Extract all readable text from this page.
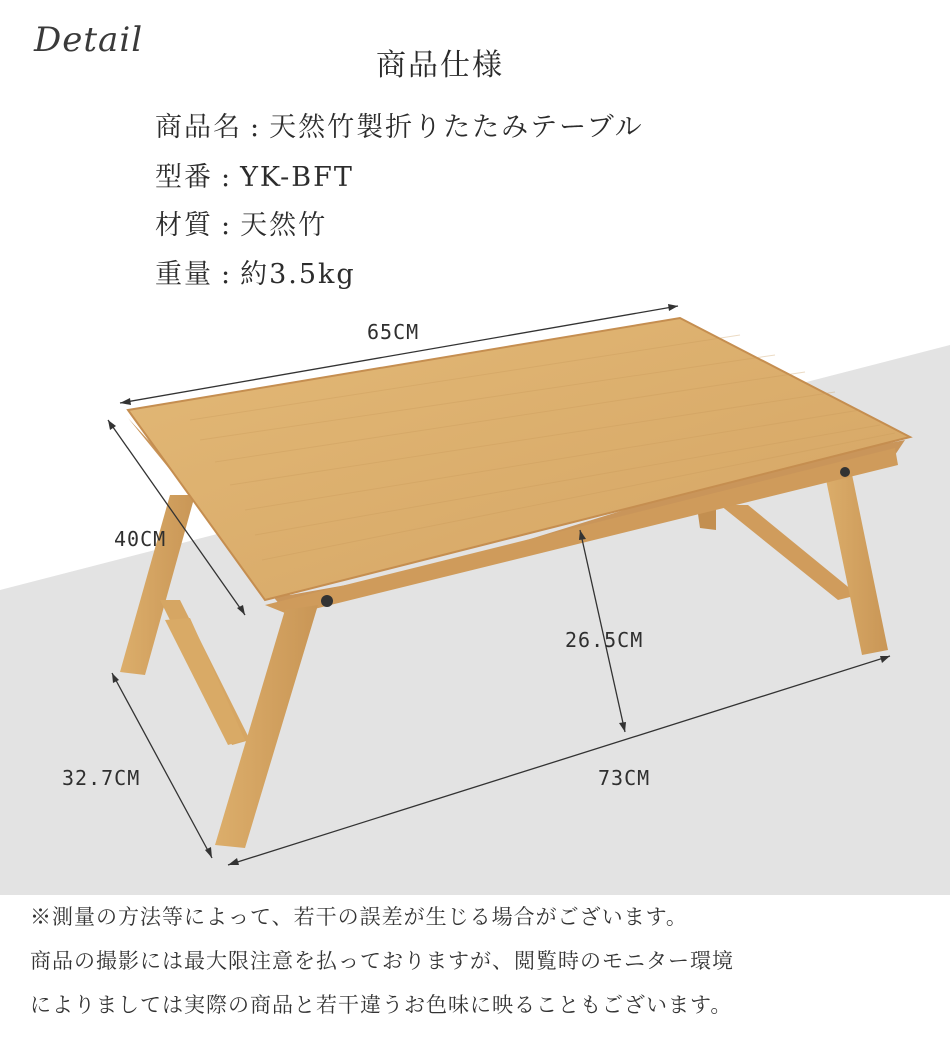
Detail
商品仕様
商品名 : 天然竹製折りたたみテーブル
型番 : YK-BFT
材質 : 天然竹
重量 : 約3.5kg
65CM
40CM
26.5CM
32.7CM	73CM
※測量の方法等によって、若干の誤差が生じる場合がございます。
商品の撮影には最大限注意を払っておりますが、閲覧時のモニター環境
によりましては実際の商品と若干違うお色味に映ることもございます。
